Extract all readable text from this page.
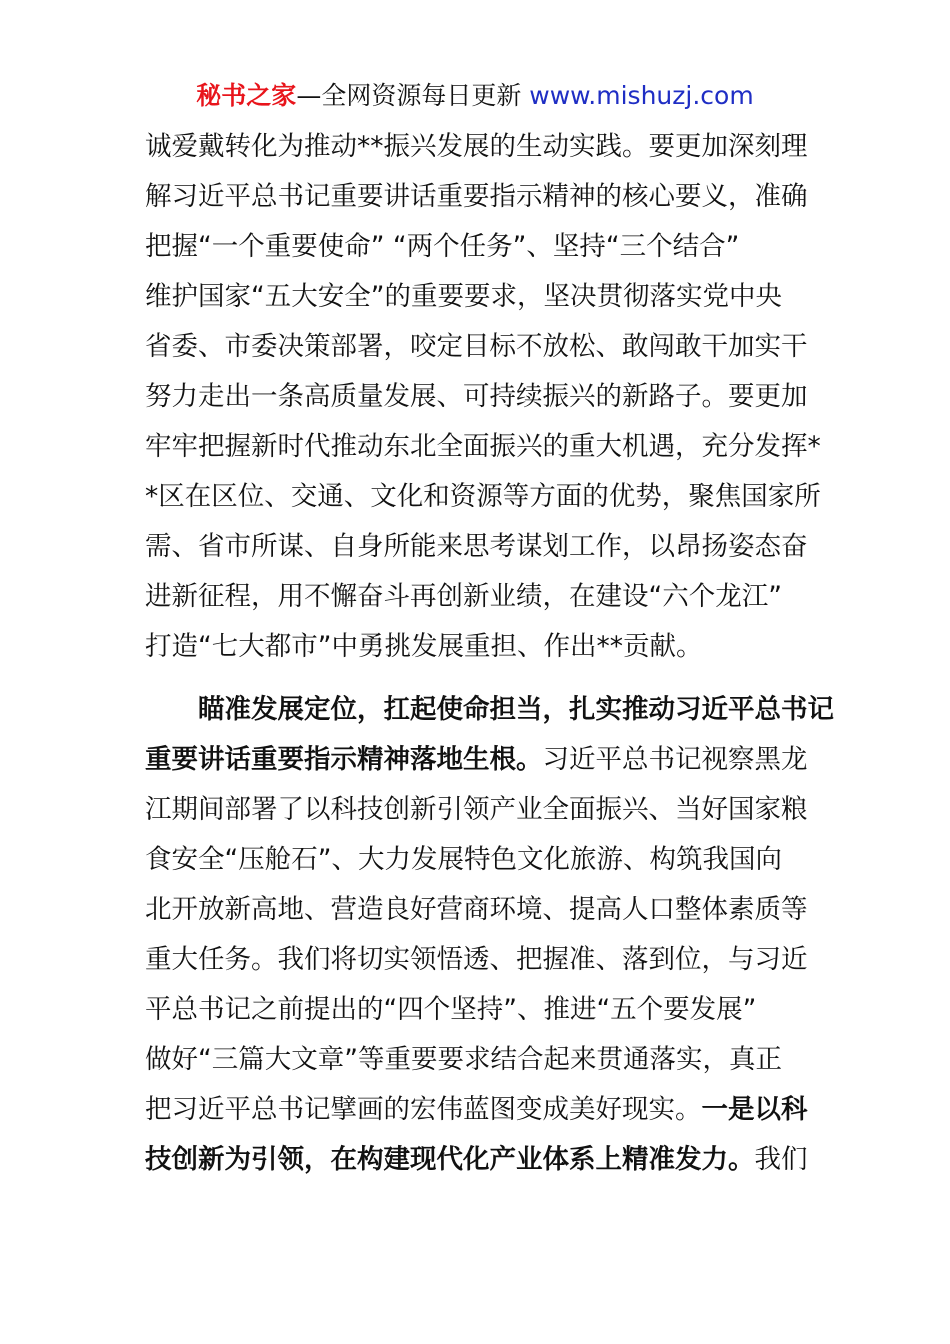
秘书之家—全网资源每日更新 www.mishuzj.com
诚爱戴转化为推动**振兴发展的生动实践。要更加深刻理
解习近平总书记重要讲话重要指示精神的核心要义，准确
把握“一个重要使命” “两个任务”、坚持“三个结合”
维护国家“五大安全”的重要要求，坚决贯彻落实党中央
省委、市委决策部署，咬定目标不放松、敢闯敢干加实干
努力走出一条高质量发展、可持续振兴的新路子。要更加
牢牢把握新时代推动东北全面振兴的重大机遇，充分发挥*
*区在区位、交通、文化和资源等方面的优势，聚焦国家所
需、省市所谋、自身所能来思考谋划工作，以昂扬姿态奋
进新征程，用不懈奋斗再创新业绩，在建设“六个龙江”
打造“七大都市”中勇挑发展重担、作出**贡献。
　　瞄准发展定位，扛起使命担当，扎实推动习近平总书记
重要讲话重要指示精神落地生根。习近平总书记视察黑龙
江期间部署了以科技创新引领产业全面振兴、当好国家粮
食安全“压舱石”、大力发展特色文化旅游、构筑我国向
北开放新高地、营造良好营商环境、提高人口整体素质等
重大任务。我们将切实领悟透、把握准、落到位，与习近
平总书记之前提出的“四个坚持”、推进“五个要发展”
做好“三篇大文章”等重要要求结合起来贯通落实，真正
把习近平总书记擘画的宏伟蓝图变成美好现实。一是以科
技创新为引领，在构建现代化产业体系上精准发力。我们
